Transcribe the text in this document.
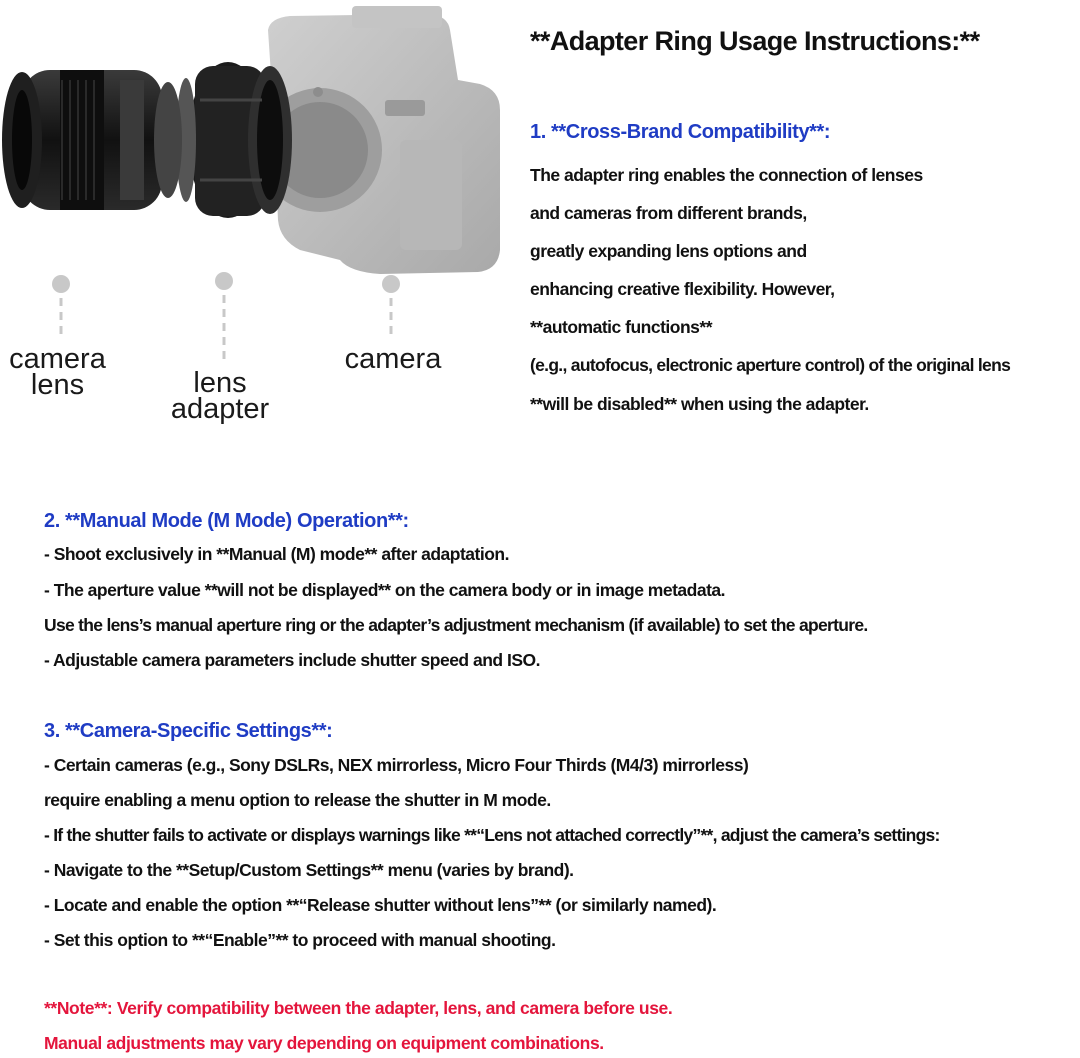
camera
lens	lens
adapter
camera
**Adapter Ring Usage Instructions:**
1. **Cross-Brand Compatibility**:
The adapter ring enables the connection of lenses
and cameras from different brands,
greatly expanding lens options and
enhancing creative flexibility. However,
**automatic functions**
(e.g., autofocus, electronic aperture control) of the original lens
**will be disabled** when using the adapter.
2. **Manual Mode (M Mode) Operation**:
- Shoot exclusively in **Manual (M) mode** after adaptation.
- The aperture value **will not be displayed** on the camera body or in image metadata.
Use the lens’s manual aperture ring or the adapter’s adjustment mechanism (if available) to set the aperture.
- Adjustable camera parameters include shutter speed and ISO.
3. **Camera-Specific Settings**:
- Certain cameras (e.g., Sony DSLRs, NEX mirrorless, Micro Four Thirds (M4/3) mirrorless)
require enabling a menu option to release the shutter in M mode.
- If the shutter fails to activate or displays warnings like **“Lens not attached correctly”**, adjust the camera’s settings:
- Navigate to the **Setup/Custom Settings** menu (varies by brand).
- Locate and enable the option **“Release shutter without lens”** (or similarly named).
- Set this option to **“Enable”** to proceed with manual shooting.
**Note**: Verify compatibility between the adapter, lens, and camera before use.
Manual adjustments may vary depending on equipment combinations.
